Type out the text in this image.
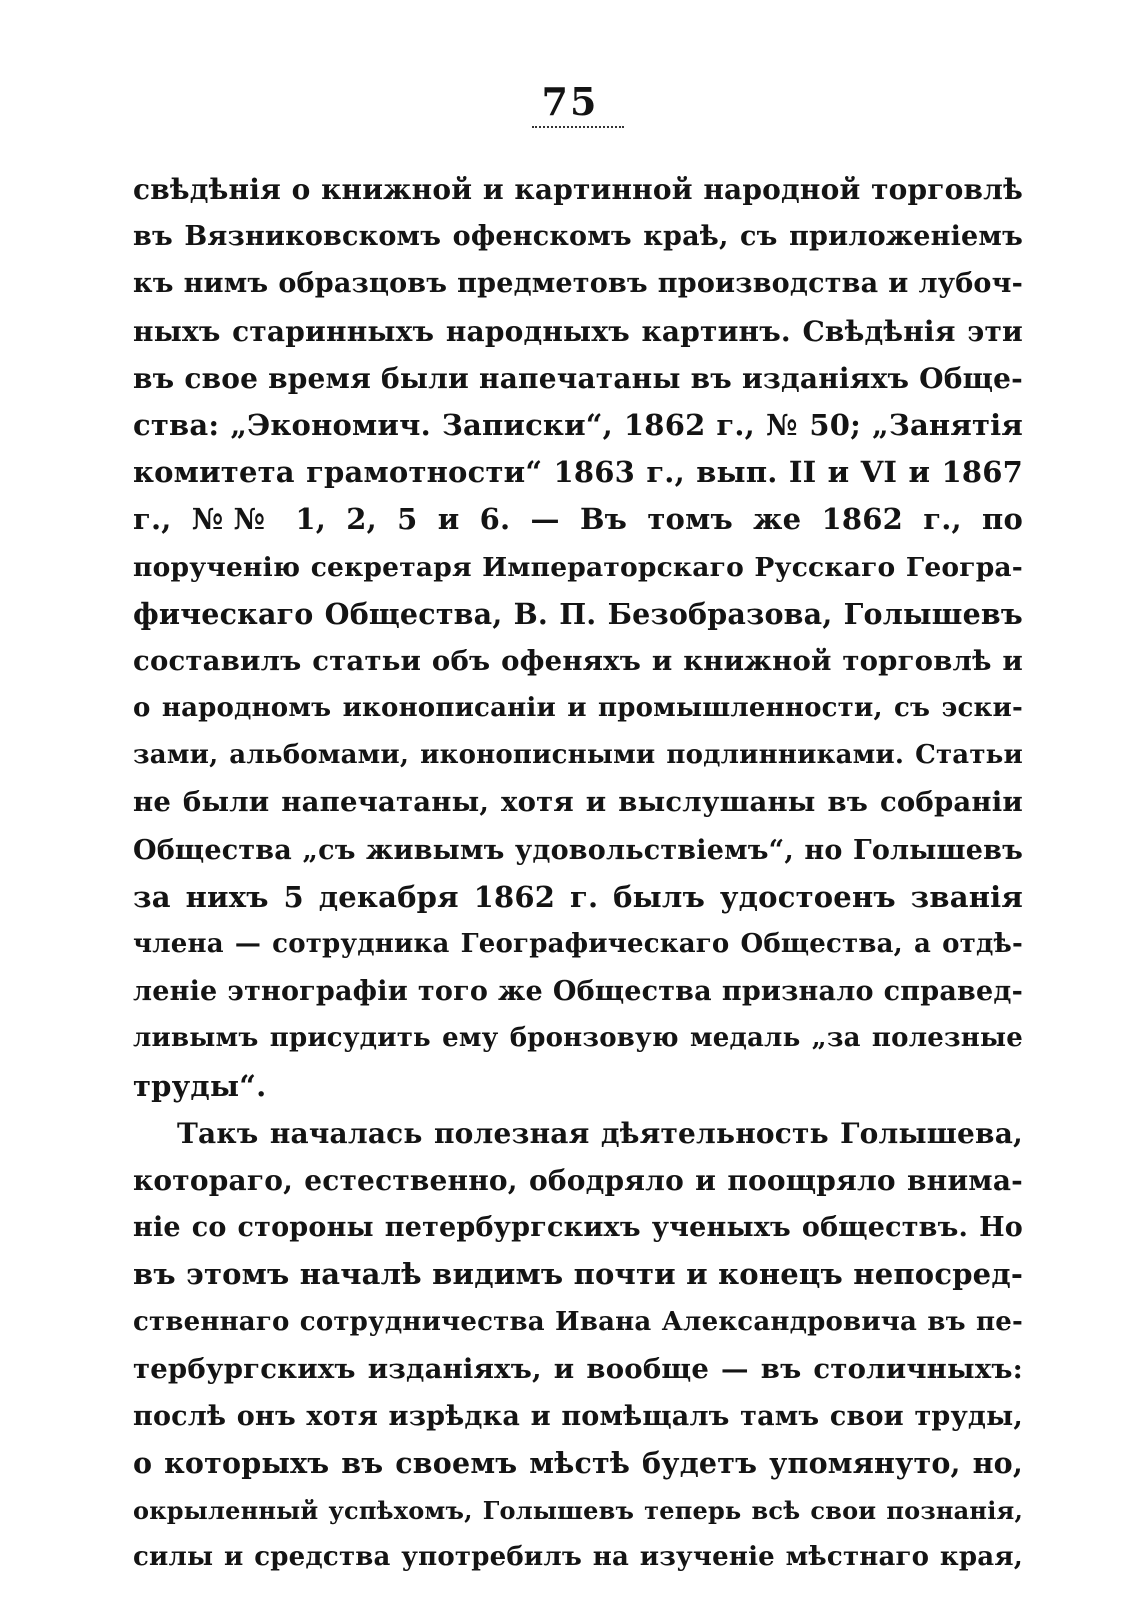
75
свѣдѣнія о книжной и картинной народной торговлѣ
въ Вязниковскомъ офенскомъ краѣ, съ приложеніемъ
къ нимъ образцовъ предметовъ производства и лубоч-
ныхъ старинныхъ народныхъ картинъ. Свѣдѣнія эти
въ свое время были напечатаны въ изданіяхъ Обще-
ства: „Экономич. Записки“, 1862 г., № 50; „Занятія
комитета грамотности“ 1863 г., вып. II и VI и 1867
г., №№ 1, 2, 5 и 6. — Въ томъ же 1862 г., по
порученію секретаря Императорскаго Русскаго Геогра-
фическаго Общества, В. П. Безобразова, Голышевъ
составилъ статьи объ офеняхъ и книжной торговлѣ и
о народномъ иконописаніи и промышленности, съ эски-
зами, альбомами, иконописными подлинниками. Статьи
не были напечатаны, хотя и выслушаны въ собраніи
Общества „съ живымъ удовольствіемъ“, но Голышевъ
за нихъ 5 декабря 1862 г. былъ удостоенъ званія
члена — сотрудника Географическаго Общества, а отдѣ-
леніе этнографіи того же Общества признало справед-
ливымъ присудить ему бронзовую медаль „за полезные
труды“.
Такъ началась полезная дѣятельность Голышева,
котораго, естественно, ободряло и поощряло внима-
ніе со стороны петербургскихъ ученыхъ обществъ. Но
въ этомъ началѣ видимъ почти и конецъ непосред-
ственнаго сотрудничества Ивана Александровича въ пе-
тербургскихъ изданіяхъ, и вообще — въ столичныхъ:
послѣ онъ хотя изрѣдка и помѣщалъ тамъ свои труды,
о которыхъ въ своемъ мѣстѣ будетъ упомянуто, но,
окрыленный успѣхомъ, Голышевъ теперь всѣ свои познанія,
силы и средства употребилъ на изученіе мѣстнаго края,
